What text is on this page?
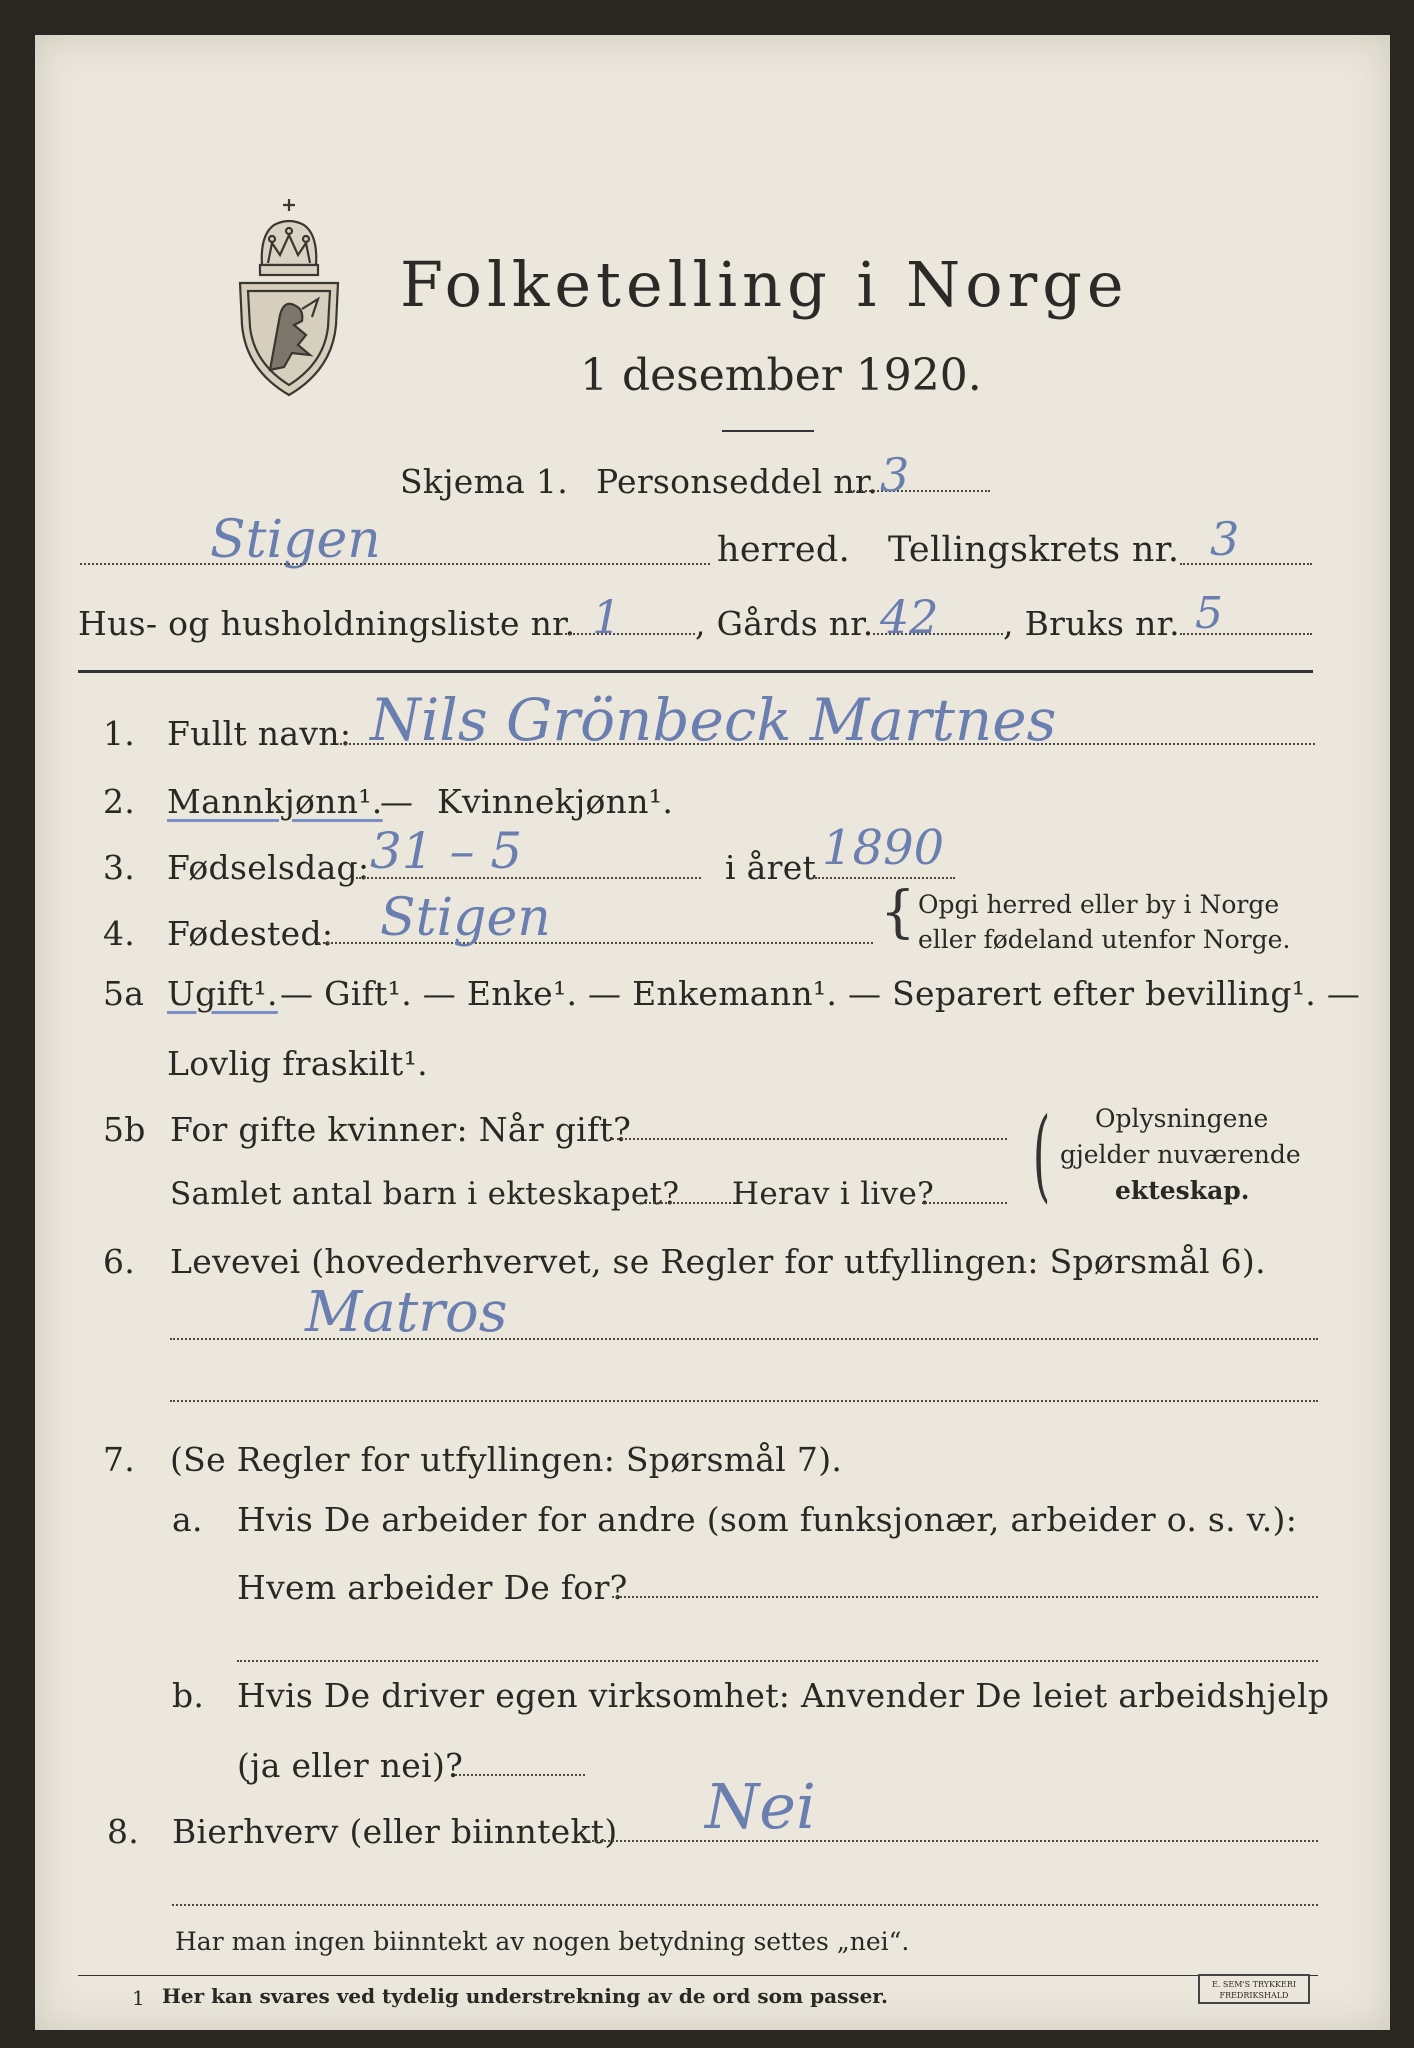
Folketelling i Norge
1 desember 1920.
Skjema 1. Personseddel nr. 3
Stigen	herred. Tellingskrets nr. 3
Hus- og husholdningsliste nr. 1 , Gårds nr. 42 , Bruks nr. 5
1. Fullt navn: Nils Grönbeck Martnes
2. Mannkjønn¹.
— Kvinnekjønn¹.
3. Fødselsdag: 31 – 5	i året 1890
4. Fødested: Stigen	{ Opgi herred eller by i Norge
eller fødeland utenfor Norge.
5a Ugift¹. — Gift¹. — Enke¹. — Enkemann¹. — Separert efter bevilling¹. —
Lovlig fraskilt¹.
5b For gifte kvinner: Når gift?
Samlet antal barn i ekteskapet? Herav i live? ( Oplysningene
gjelder nuværende
ekteskap.
6. Levevei (hovederhvervet, se Regler for utfyllingen: Spørsmål 6).
Matros
7. (Se Regler for utfyllingen: Spørsmål 7).
a. Hvis De arbeider for andre (som funksjonær, arbeider o. s. v.):
Hvem arbeider De for?
b. Hvis De driver egen virksomhet: Anvender De leiet arbeidshjelp
(ja eller nei)?
8. Bierhverv (eller biinntekt) Nei
Har man ingen biinntekt av nogen betydning settes „nei“.
1 Her kan svares ved tydelig understrekning av de ord som passer.	E. SEM'S TRYKKERI
FREDRIKSHALD
